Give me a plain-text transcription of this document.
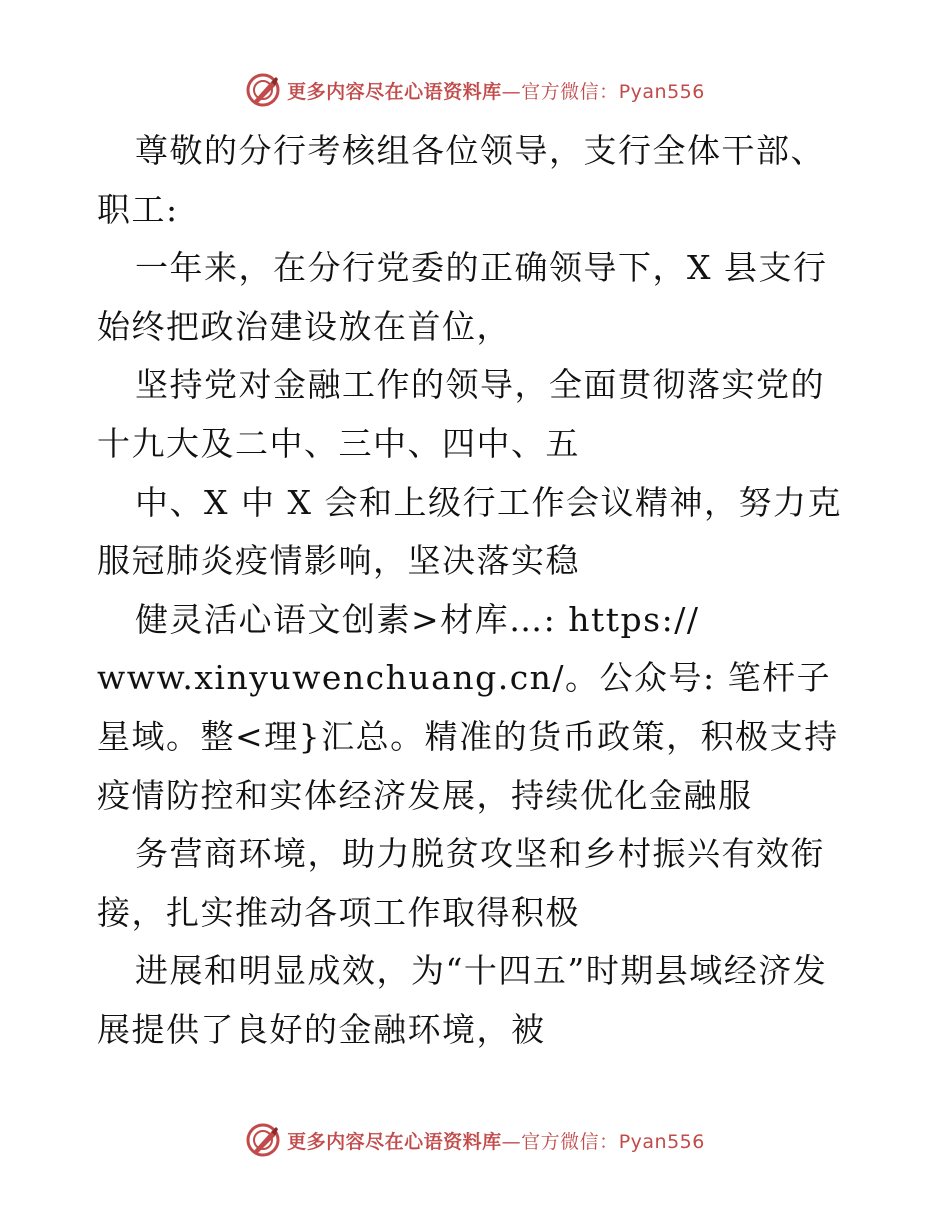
更多内容尽在心语资料库—官方微信：Pyan556

尊敬的分行考核组各位领导，支行全体干部、职工:

一年来，在分行党委的正确领导下，X 县支行始终把政治建设放在首位，

坚持党对金融工作的领导，全面贯彻落实党的十九大及二中、三中、四中、五

中、X 中 X 会和上级行工作会议精神，努力克服冠肺炎疫情影响，坚决落实稳

健灵活心语文创素>材库…: https://

www.xinyuwenchuang.cn/。公众号: 笔杆子星域。整<理}汇总。精准的货币政策，积极支持疫情防控和实体经济发展，持续优化金融服

务营商环境，助力脱贫攻坚和乡村振兴有效衔接，扎实推动各项工作取得积极

进展和明显成效，为“十四五”时期县域经济发展提供了良好的金融环境，被

更多内容尽在心语资料库—官方微信：Pyan556
